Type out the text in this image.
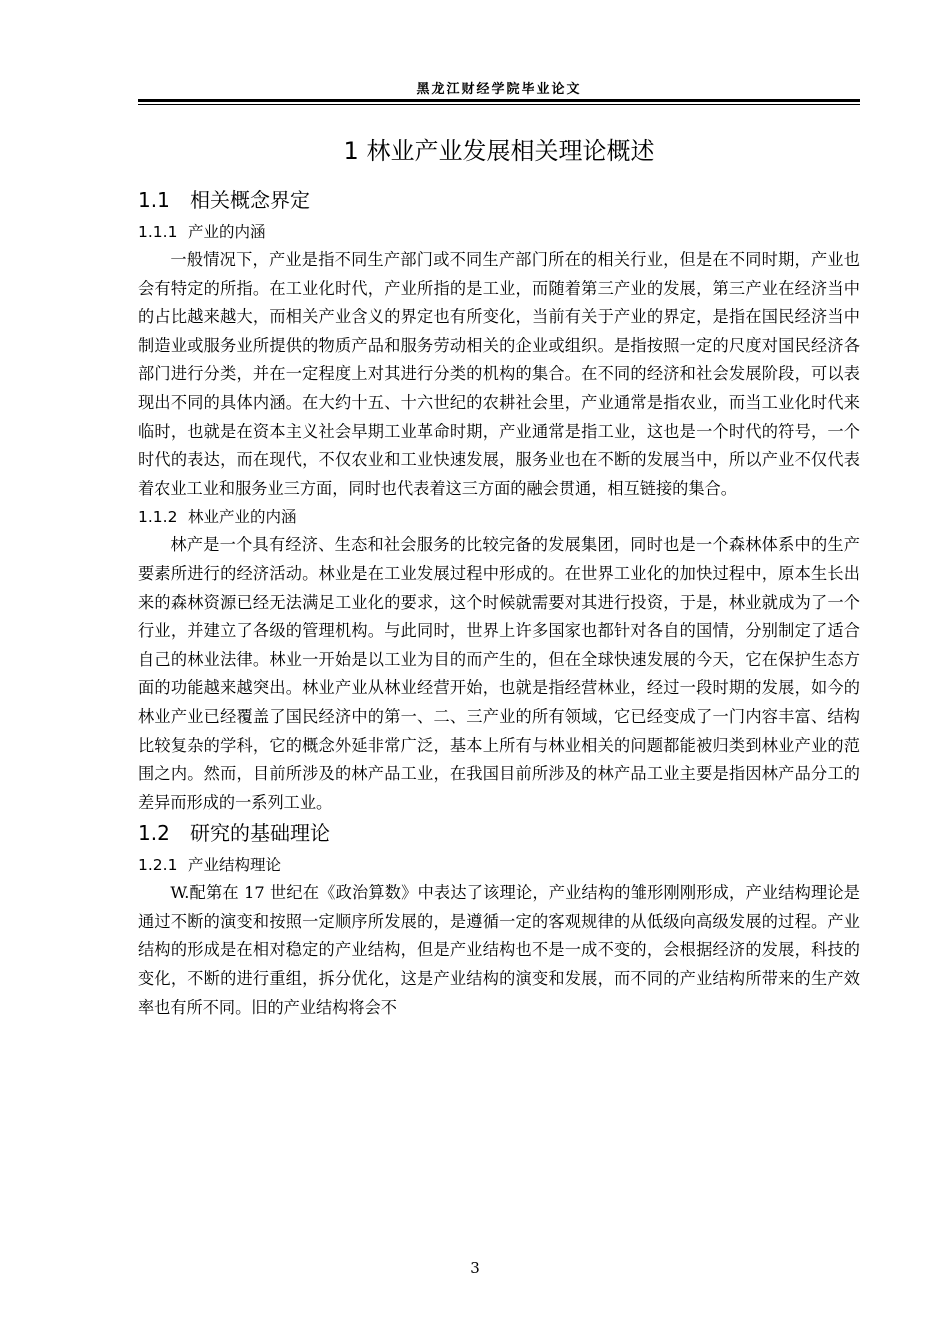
黑龙江财经学院毕业论文
1 林业产业发展相关理论概述
1.1 相关概念界定
1.1.1 产业的内涵

一般情况下，产业是指不同生产部门或不同生产部门所在的相关行业，但是在不同时期，产业也会有特定的所指。在工业化时代，产业所指的是工业，而随着第三产业的发展，第三产业在经济当中的占比越来越大，而相关产业含义的界定也有所变化，当前有关于产业的界定，是指在国民经济当中制造业或服务业所提供的物质产品和服务劳动相关的企业或组织。是指按照一定的尺度对国民经济各部门进行分类，并在一定程度上对其进行分类的机构的集合。在不同的经济和社会发展阶段，可以表现出不同的具体内涵。在大约十五、十六世纪的农耕社会里，产业通常是指农业，而当工业化时代来临时，也就是在资本主义社会早期工业革命时期，产业通常是指工业，这也是一个时代的符号，一个时代的表达，而在现代，不仅农业和工业快速发展，服务业也在不断的发展当中，所以产业不仅代表着农业工业和服务业三方面，同时也代表着这三方面的融会贯通，相互链接的集合。

1.1.2 林业产业的内涵

林产是一个具有经济、生态和社会服务的比较完备的发展集团，同时也是一个森林体系中的生产要素所进行的经济活动。林业是在工业发展过程中形成的。在世界工业化的加快过程中，原本生长出来的森林资源已经无法满足工业化的要求，这个时候就需要对其进行投资，于是，林业就成为了一个行业，并建立了各级的管理机构。与此同时，世界上许多国家也都针对各自的国情，分别制定了适合自己的林业法律。林业一开始是以工业为目的而产生的，但在全球快速发展的今天，它在保护生态方面的功能越来越突出。林业产业从林业经营开始，也就是指经营林业，经过一段时期的发展，如今的林业产业已经覆盖了国民经济中的第一、二、三产业的所有领域，它已经变成了一门内容丰富、结构比较复杂的学科，它的概念外延非常广泛，基本上所有与林业相关的问题都能被归类到林业产业的范围之内。然而，目前所涉及的林产品工业，在我国目前所涉及的林产品工业主要是指因林产品分工的差异而形成的一系列工业。

1.2 研究的基础理论
1.2.1 产业结构理论

W.配第在 17 世纪在《政治算数》中表达了该理论，产业结构的雏形刚刚形成，产业结构理论是通过不断的演变和按照一定顺序所发展的，是遵循一定的客观规律的从低级向高级发展的过程。产业结构的形成是在相对稳定的产业结构，但是产业结构也不是一成不变的，会根据经济的发展，科技的变化，不断的进行重组，拆分优化，这是产业结构的演变和发展，而不同的产业结构所带来的生产效率也有所不同。旧的产业结构将会不

3
